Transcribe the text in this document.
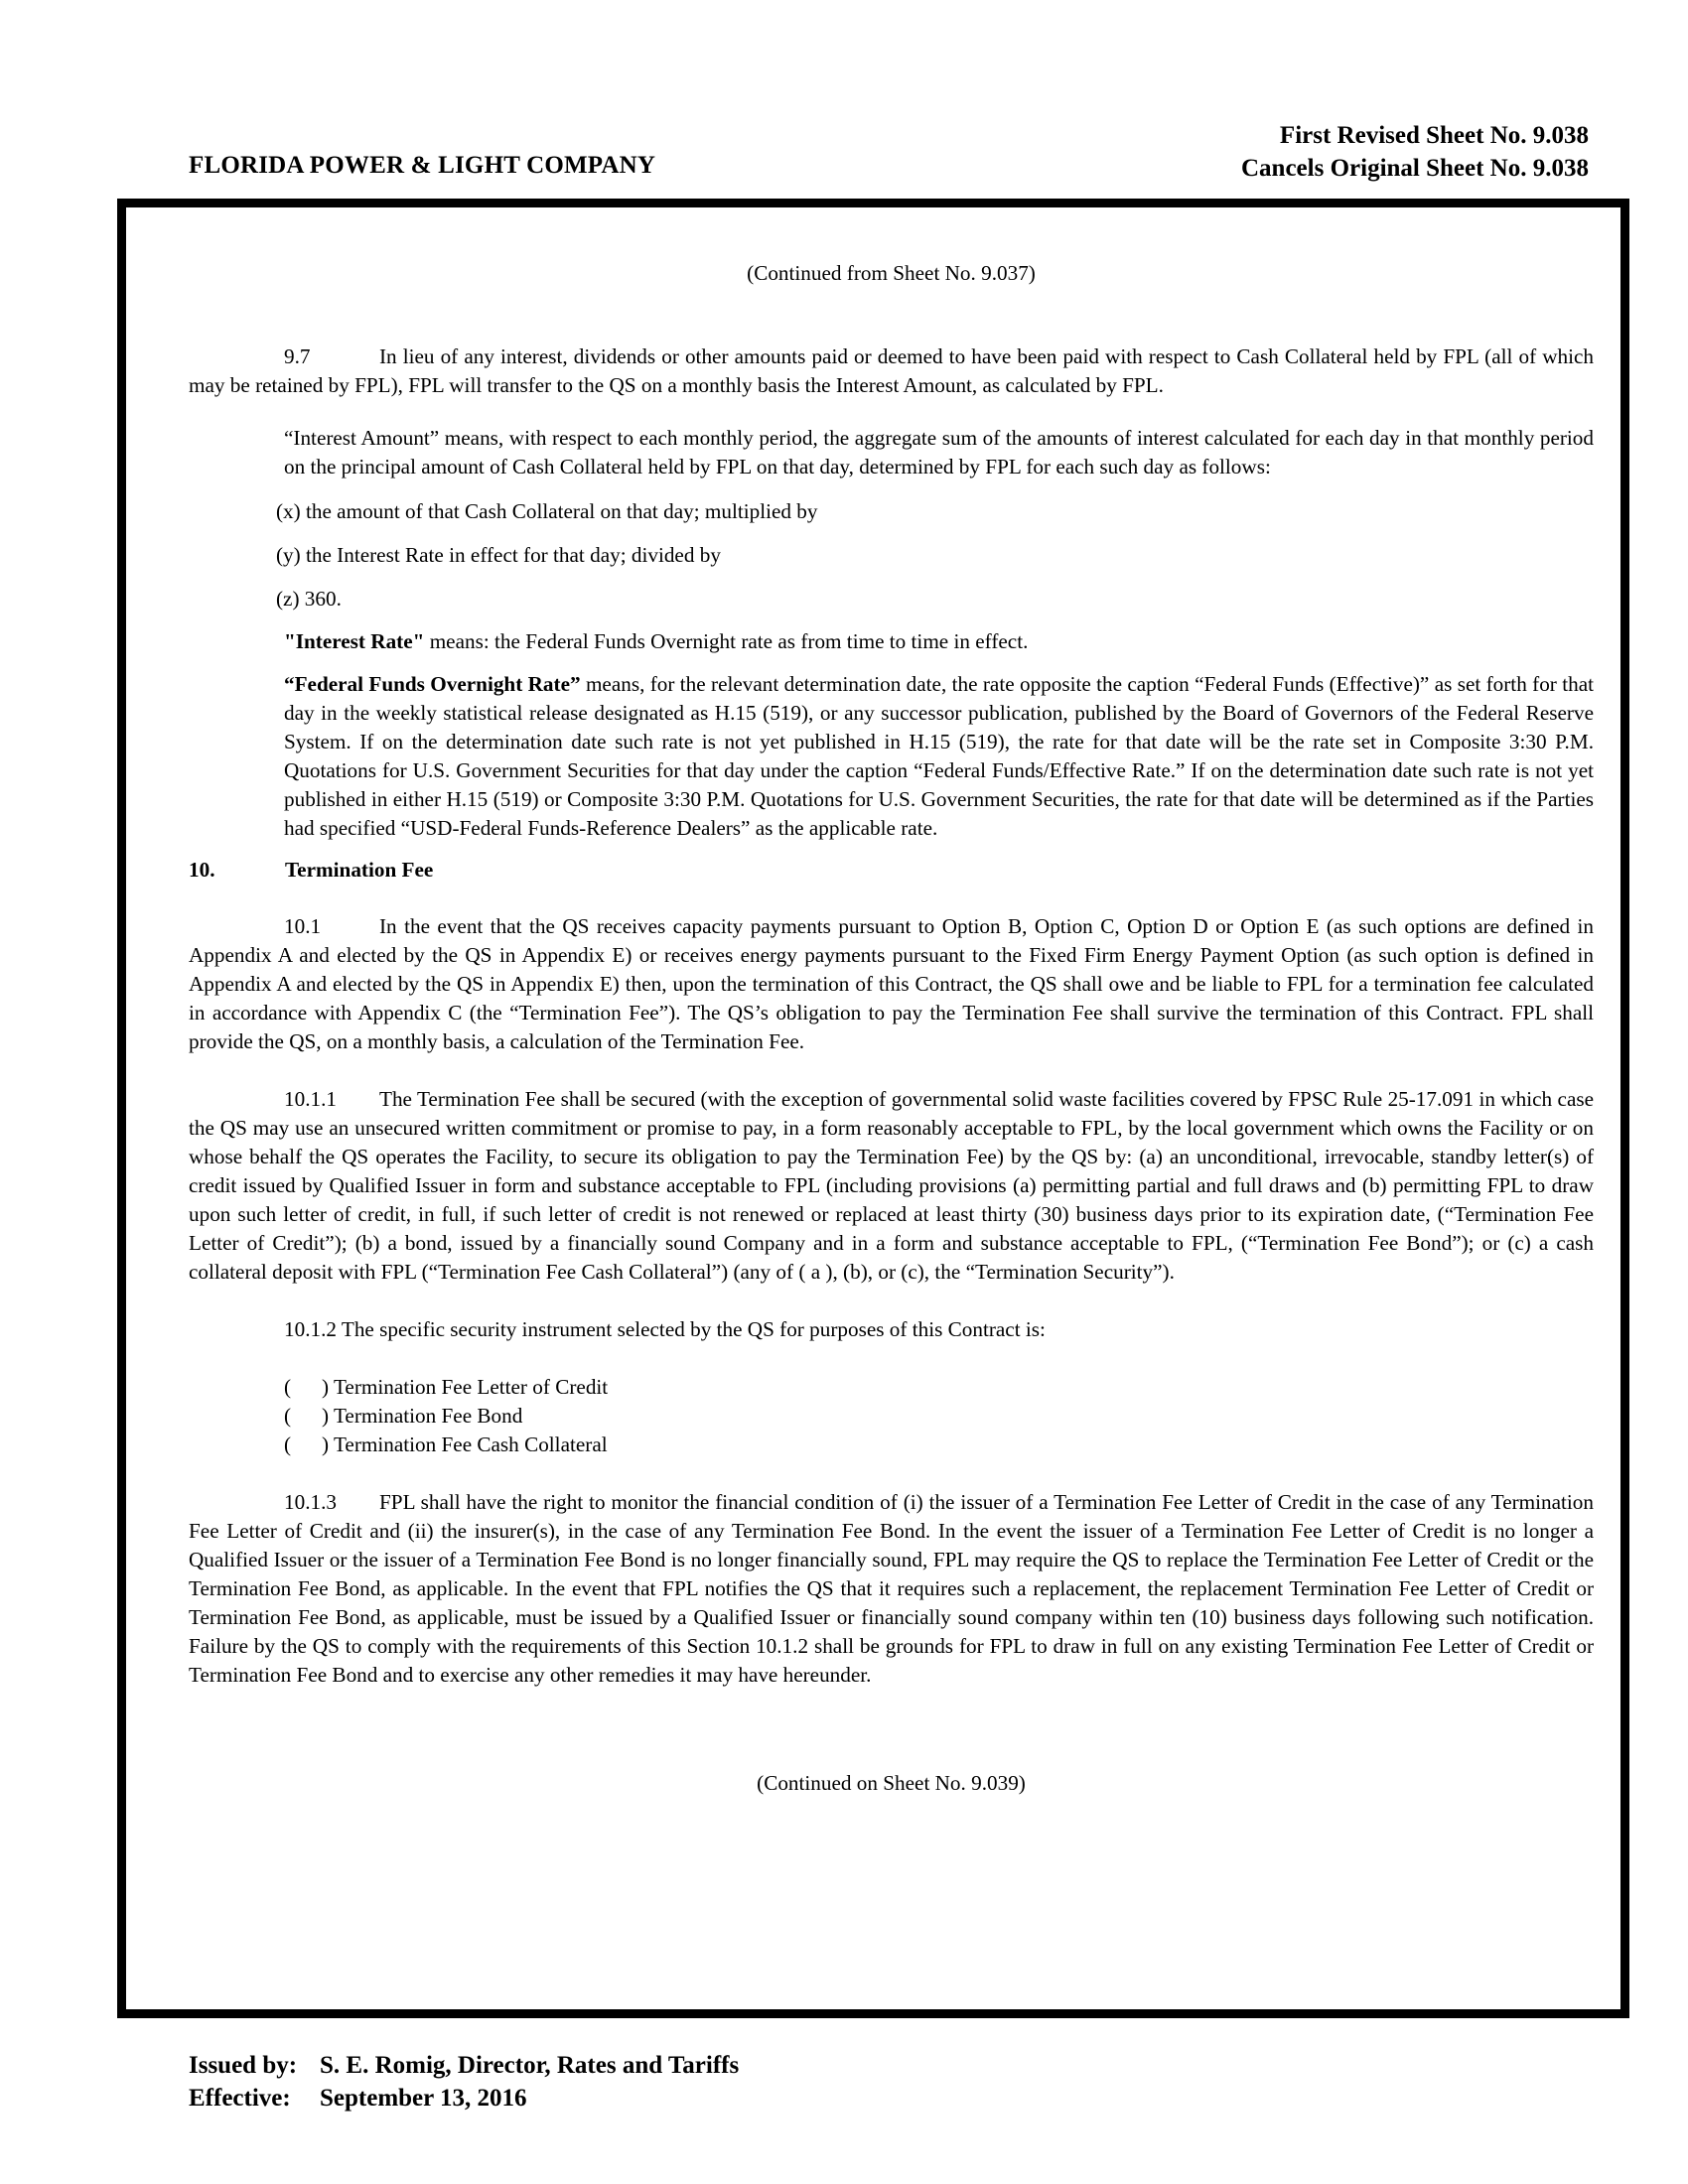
FLORIDA POWER & LIGHT COMPANY
First Revised Sheet No. 9.038
Cancels Original Sheet No. 9.038

(Continued from Sheet No. 9.037)

9.7	In lieu of any interest, dividends or other amounts paid or deemed to have been paid with respect to Cash Collateral held by FPL (all of which may be retained by FPL), FPL will transfer to the QS on a monthly basis the Interest Amount, as calculated by FPL.

“Interest Amount” means, with respect to each monthly period, the aggregate sum of the amounts of interest calculated for each day in that monthly period on the principal amount of Cash Collateral held by FPL on that day, determined by FPL for each such day as follows:

(x) the amount of that Cash Collateral on that day; multiplied by

(y) the Interest Rate in effect for that day; divided by

(z) 360.

"Interest Rate" means: the Federal Funds Overnight rate as from time to time in effect.

“Federal Funds Overnight Rate” means, for the relevant determination date, the rate opposite the caption “Federal Funds (Effective)” as set forth for that day in the weekly statistical release designated as H.15 (519), or any successor publication, published by the Board of Governors of the Federal Reserve System. If on the determination date such rate is not yet published in H.15 (519), the rate for that date will be the rate set in Composite 3:30 P.M. Quotations for U.S. Government Securities for that day under the caption “Federal Funds/Effective Rate.” If on the determination date such rate is not yet published in either H.15 (519) or Composite 3:30 P.M. Quotations for U.S. Government Securities, the rate for that date will be determined as if the Parties had specified “USD-Federal Funds-Reference Dealers” as the applicable rate.

10.	Termination Fee

10.1	In the event that the QS receives capacity payments pursuant to Option B, Option C, Option D or Option E (as such options are defined in Appendix A and elected by the QS in Appendix E) or receives energy payments pursuant to the Fixed Firm Energy Payment Option (as such option is defined in Appendix A and elected by the QS in Appendix E) then, upon the termination of this Contract, the QS shall owe and be liable to FPL for a termination fee calculated in accordance with Appendix C (the “Termination Fee”). The QS’s obligation to pay the Termination Fee shall survive the termination of this Contract. FPL shall provide the QS, on a monthly basis, a calculation of the Termination Fee.

10.1.1 The Termination Fee shall be secured (with the exception of governmental solid waste facilities covered by FPSC Rule 25-17.091 in which case the QS may use an unsecured written commitment or promise to pay, in a form reasonably acceptable to FPL, by the local government which owns the Facility or on whose behalf the QS operates the Facility, to secure its obligation to pay the Termination Fee) by the QS by: (a) an unconditional, irrevocable, standby letter(s) of credit issued by Qualified Issuer in form and substance acceptable to FPL (including provisions (a) permitting partial and full draws and (b) permitting FPL to draw upon such letter of credit, in full, if such letter of credit is not renewed or replaced at least thirty (30) business days prior to its expiration date, (“Termination Fee Letter of Credit”); (b) a bond, issued by a financially sound Company and in a form and substance acceptable to FPL, (“Termination Fee Bond”); or (c) a cash collateral deposit with FPL (“Termination Fee Cash Collateral”) (any of ( a ), (b), or (c), the “Termination Security”).

10.1.2 The specific security instrument selected by the QS for purposes of this Contract is:

( ) Termination Fee Letter of Credit

( ) Termination Fee Bond

( ) Termination Fee Cash Collateral

10.1.3 FPL shall have the right to monitor the financial condition of (i) the issuer of a Termination Fee Letter of Credit in the case of any Termination Fee Letter of Credit and (ii) the insurer(s), in the case of any Termination Fee Bond. In the event the issuer of a Termination Fee Letter of Credit is no longer a Qualified Issuer or the issuer of a Termination Fee Bond is no longer financially sound, FPL may require the QS to replace the Termination Fee Letter of Credit or the Termination Fee Bond, as applicable. In the event that FPL notifies the QS that it requires such a replacement, the replacement Termination Fee Letter of Credit or Termination Fee Bond, as applicable, must be issued by a Qualified Issuer or financially sound company within ten (10) business days following such notification. Failure by the QS to comply with the requirements of this Section 10.1.2 shall be grounds for FPL to draw in full on any existing Termination Fee Letter of Credit or Termination Fee Bond and to exercise any other remedies it may have hereunder.

(Continued on Sheet No. 9.039)

Issued by: S. E. Romig, Director, Rates and Tariffs
Effective: September 13, 2016
